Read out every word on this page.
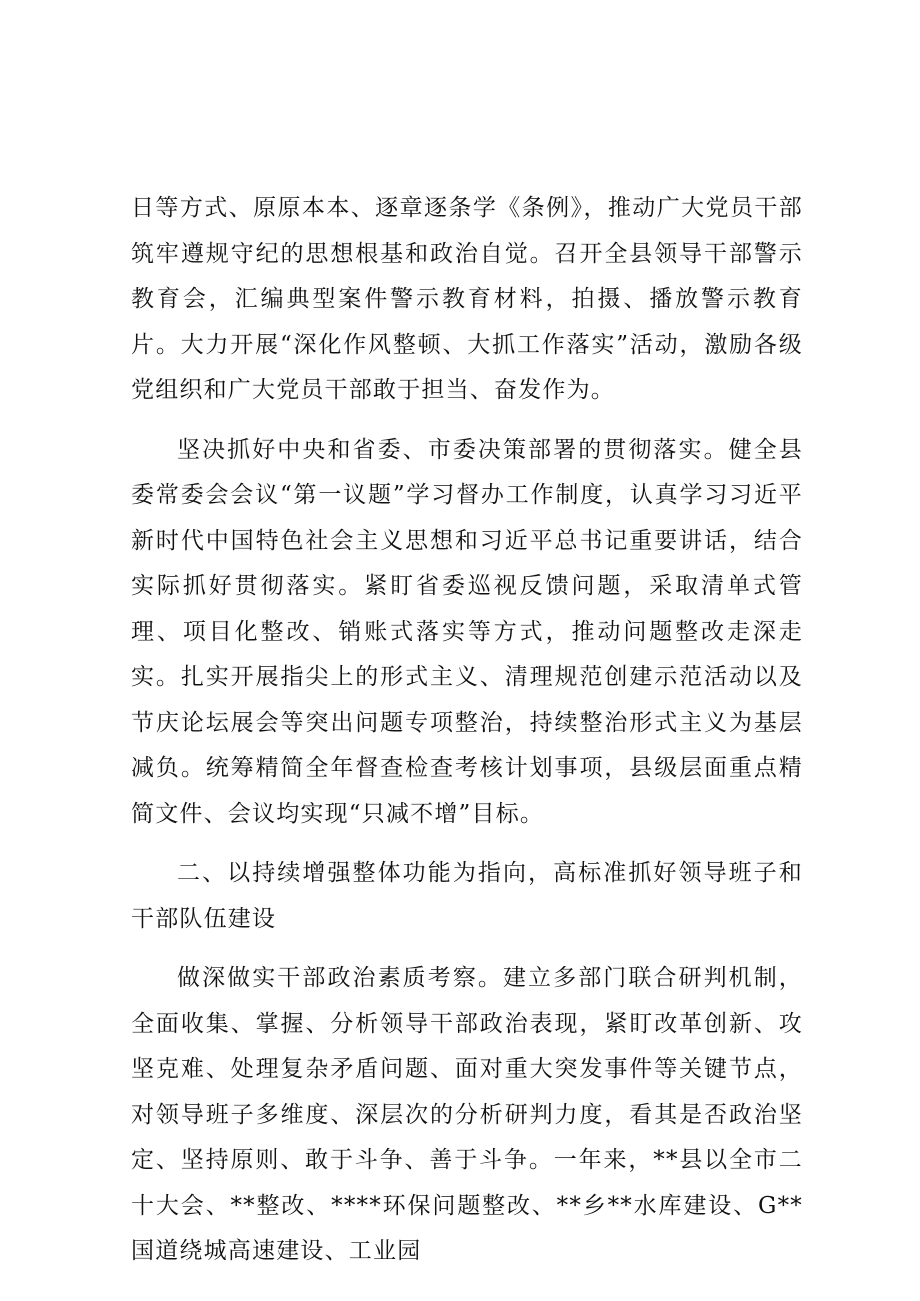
日等方式、原原本本、逐章逐条学《条例》，推动广大党员干部筑牢遵规守纪的思想根基和政治自觉。召开全县领导干部警示教育会，汇编典型案件警示教育材料，拍摄、播放警示教育片。大力开展“深化作风整顿、大抓工作落实”活动，激励各级党组织和广大党员干部敢于担当、奋发作为。

坚决抓好中央和省委、市委决策部署的贯彻落实。健全县委常委会会议“第一议题”学习督办工作制度，认真学习习近平新时代中国特色社会主义思想和习近平总书记重要讲话，结合实际抓好贯彻落实。紧盯省委巡视反馈问题，采取清单式管理、项目化整改、销账式落实等方式，推动问题整改走深走实。扎实开展指尖上的形式主义、清理规范创建示范活动以及节庆论坛展会等突出问题专项整治，持续整治形式主义为基层减负。统筹精简全年督查检查考核计划事项，县级层面重点精简文件、会议均实现“只减不增”目标。

二、以持续增强整体功能为指向，高标准抓好领导班子和干部队伍建设

做深做实干部政治素质考察。建立多部门联合研判机制，全面收集、掌握、分析领导干部政治表现，紧盯改革创新、攻坚克难、处理复杂矛盾问题、面对重大突发事件等关键节点，对领导班子多维度、深层次的分析研判力度，看其是否政治坚定、坚持原则、敢于斗争、善于斗争。一年来，**县以全市二十大会、**整改、****环保问题整改、**乡**水库建设、G**国道绕城高速建设、工业园
